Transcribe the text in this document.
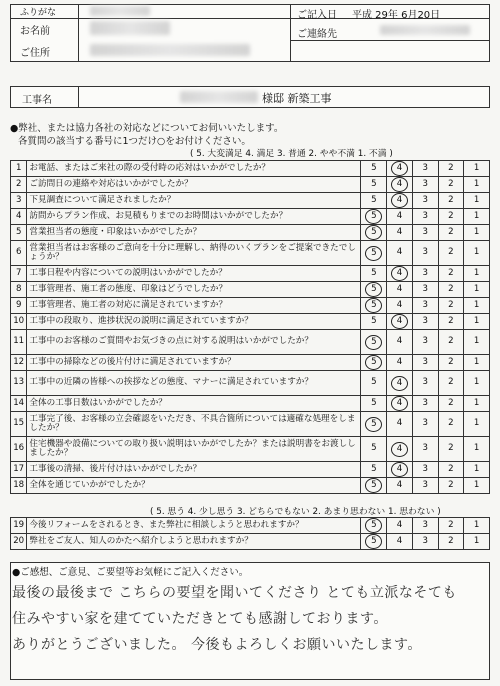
ふりがな
お名前
ご住所
ご記入日 平成 29年 6月20日
ご連絡先
工事名	様邸 新築工事
●弊社、または協力各社の対応などについてお伺いいたします。
各質問の該当する番号に1つだけ○をお付けください。
( 5. 大変満足 4. 満足 3. 普通 2. やや不満 1. 不満 )
1	お電話、またはご来社の際の受付時の応対はいかがでしたか？	5	4	3	2	1
2	ご訪問日の連絡や対応はいかがでしたか？	5	4	3	2	1
3	下見調査について満足されましたか？	5	4	3	2	1
4	訪問からプラン作成、お見積もりまでのお時間はいかがでしたか？	5	4	3	2	1
5	営業担当者の態度・印象はいかがでしたか？	5	4	3	2	1
6	営業担当者はお客様のご意向を十分に理解し、納得のいくプランをご提案できたでしょうか？	5	4	3	2	1
7	工事日程や内容についての説明はいかがでしたか？	5	4	3	2	1
8	工事管理者、施工者の態度、印象はどうでしたか？	5	4	3	2	1
9	工事管理者、施工者の対応に満足されていますか？	5	4	3	2	1
10	工事中の段取り、進捗状況の説明に満足されていますか？	5	4	3	2	1
11	工事中のお客様のご質問やお気づきの点に対する説明はいかがでしたか？	5	4	3	2	1
12	工事中の掃除などの後片付けに満足されていますか？	5	4	3	2	1
13	工事中の近隣の皆様への挨拶などの態度、マナーに満足されていますか？	5	4	3	2	1
14	全体の工事日数はいかがでしたか？	5	4	3	2	1
15	工事完了後、お客様の立会確認をいただき、不具合箇所については適確な処理をしましたか？	5	4	3	2	1
16	住宅機器や設備についての取り扱い説明はいかがでしたか？または説明書をお渡ししましたか？	5	4	3	2	1
17	工事後の清掃、後片付けはいかがでしたか？	5	4	3	2	1
18	全体を通じていかがでしたか？	5	4	3	2	1
( 5. 思う 4. 少し思う 3. どちらでもない 2. あまり思わない 1. 思わない )
19	今後リフォームをされるとき、また弊社に相談しようと思われますか？	5	4	3	2	1
20	弊社をご友人、知人のかたへ紹介しようと思われますか？	5	4	3	2	1
●ご感想、ご意見、ご要望等お気軽にご記入ください。
最後の最後まで こちらの要望を聞いてくださり とても立派なそても
住みやすい家を建てていただきとても感謝しております。
ありがとうございました。 今後もよろしくお願いいたします。
